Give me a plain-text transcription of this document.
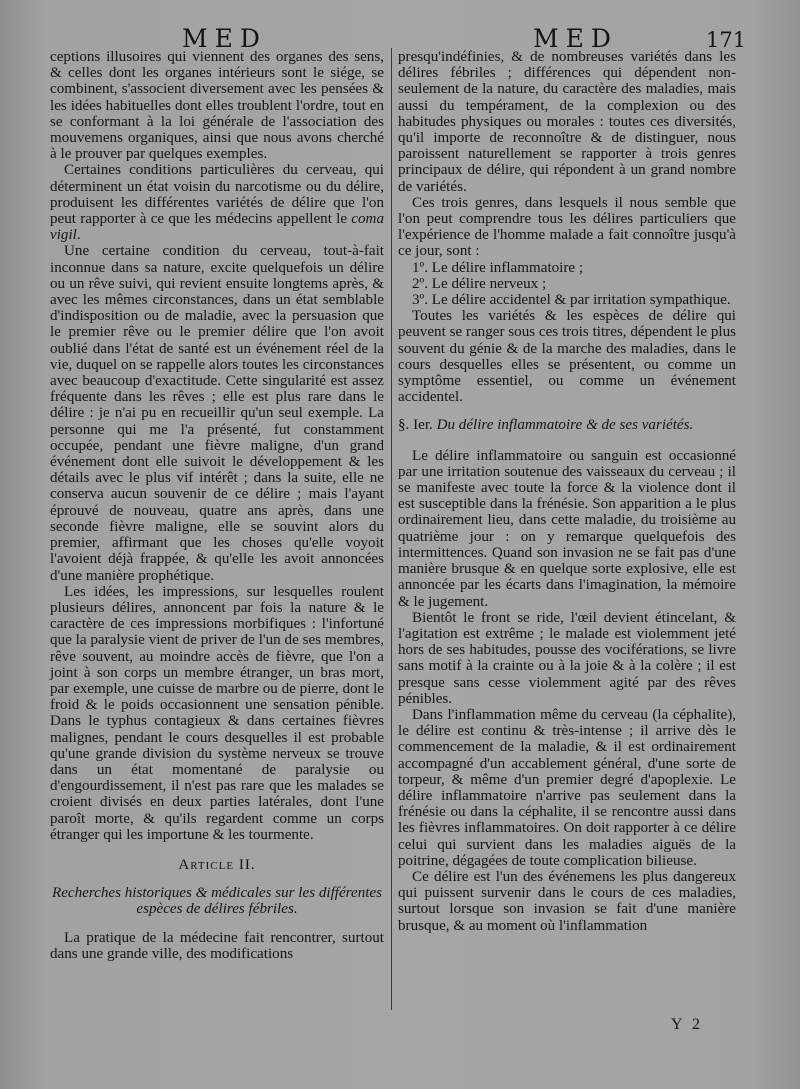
MED	MED	171

ceptions illusoires qui viennent des organes des sens, & celles dont les organes intérieurs sont le siége, se combinent, s'associent diversement avec les pensées & les idées habituelles dont elles troublent l'ordre, tout en se conformant à la loi générale de l'association des mouvemens organiques, ainsi que nous avons cherché à le prouver par quelques exemples.

Certaines conditions particulières du cerveau, qui déterminent un état voisin du narcotisme ou du délire, produisent les différentes variétés de délire que l'on peut rapporter à ce que les médecins appellent le coma vigil.

Une certaine condition du cerveau, tout-à-fait inconnue dans sa nature, excite quelquefois un délire ou un rêve suivi, qui revient ensuite longtems après, & avec les mêmes circonstances, dans un état semblable d'indisposition ou de maladie, avec la persuasion que le premier rêve ou le premier délire que l'on avoit oublié dans l'état de santé est un événement réel de la vie, duquel on se rappelle alors toutes les circonstances avec beaucoup d'exactitude. Cette singularité est assez fréquente dans les rêves ; elle est plus rare dans le délire : je n'ai pu en recueillir qu'un seul exemple. La personne qui me l'a présenté, fut constamment occupée, pendant une fièvre maligne, d'un grand événement dont elle suivoit le développement & les détails avec le plus vif intérêt ; dans la suite, elle ne conserva aucun souvenir de ce délire ; mais l'ayant éprouvé de nouveau, quatre ans après, dans une seconde fièvre maligne, elle se souvint alors du premier, affirmant que les choses qu'elle voyoit l'avoient déjà frappée, & qu'elle les avoit annoncées d'une manière prophétique.

Les idées, les impressions, sur lesquelles roulent plusieurs délires, annoncent par fois la nature & le caractère de ces impressions morbifiques : l'infortuné que la paralysie vient de priver de l'un de ses membres, rêve souvent, au moindre accès de fièvre, que l'on a joint à son corps un membre étranger, un bras mort, par exemple, une cuisse de marbre ou de pierre, dont le froid & le poids occasionnent une sensation pénible. Dans le typhus contagieux & dans certaines fièvres malignes, pendant le cours desquelles il est probable qu'une grande division du système nerveux se trouve dans un état momentané de paralysie ou d'engourdissement, il n'est pas rare que les malades se croient divisés en deux parties latérales, dont l'une paroît morte, & qu'ils regardent comme un corps étranger qui les importune & les tourmente.

Article II.
Recherches historiques & médicales sur les différentes espèces de délires fébriles.

La pratique de la médecine fait rencontrer, surtout dans une grande ville, des modifications

presqu'indéfinies, & de nombreuses variétés dans les délires fébriles ; différences qui dépendent non-seulement de la nature, du caractère des maladies, mais aussi du tempérament, de la complexion ou des habitudes physiques ou morales : toutes ces diversités, qu'il importe de reconnoître & de distinguer, nous paroissent naturellement se rapporter à trois genres principaux de délire, qui répondent à un grand nombre de variétés.

Ces trois genres, dans lesquels il nous semble que l'on peut comprendre tous les délires particuliers que l'expérience de l'homme malade a fait connoître jusqu'à ce jour, sont :

1º. Le délire inflammatoire ;

2º. Le délire nerveux ;

3º. Le délire accidentel & par irritation sympathique.

Toutes les variétés & les espèces de délire qui peuvent se ranger sous ces trois titres, dépendent le plus souvent du génie & de la marche des maladies, dans le cours desquelles elles se présentent, ou comme un symptôme essentiel, ou comme un événement accidentel.

§. Ier. Du délire inflammatoire & de ses variétés.

Le délire inflammatoire ou sanguin est occasionné par une irritation soutenue des vaisseaux du cerveau ; il se manifeste avec toute la force & la violence dont il est susceptible dans la frénésie. Son apparition a le plus ordinairement lieu, dans cette maladie, du troisième au quatrième jour : on y remarque quelquefois des intermittences. Quand son invasion ne se fait pas d'une manière brusque & en quelque sorte explosive, elle est annoncée par les écarts dans l'imagination, la mémoire & le jugement.

Bientôt le front se ride, l'œil devient étincelant, & l'agitation est extrême ; le malade est violemment jeté hors de ses habitudes, pousse des vociférations, se livre sans motif à la crainte ou à la joie & à la colère ; il est presque sans cesse violemment agité par des rêves pénibles.

Dans l'inflammation même du cerveau (la céphalite), le délire est continu & très-intense ; il arrive dès le commencement de la maladie, & il est ordinairement accompagné d'un accablement général, d'une sorte de torpeur, & même d'un premier degré d'apoplexie. Le délire inflammatoire n'arrive pas seulement dans la frénésie ou dans la céphalite, il se rencontre aussi dans les fièvres inflammatoires. On doit rapporter à ce délire celui qui survient dans les maladies aiguës de la poitrine, dégagées de toute complication bilieuse.

Ce délire est l'un des événemens les plus dangereux qui puissent survenir dans le cours de ces maladies, surtout lorsque son invasion se fait d'une manière brusque, & au moment où l'inflammation

Y 2
